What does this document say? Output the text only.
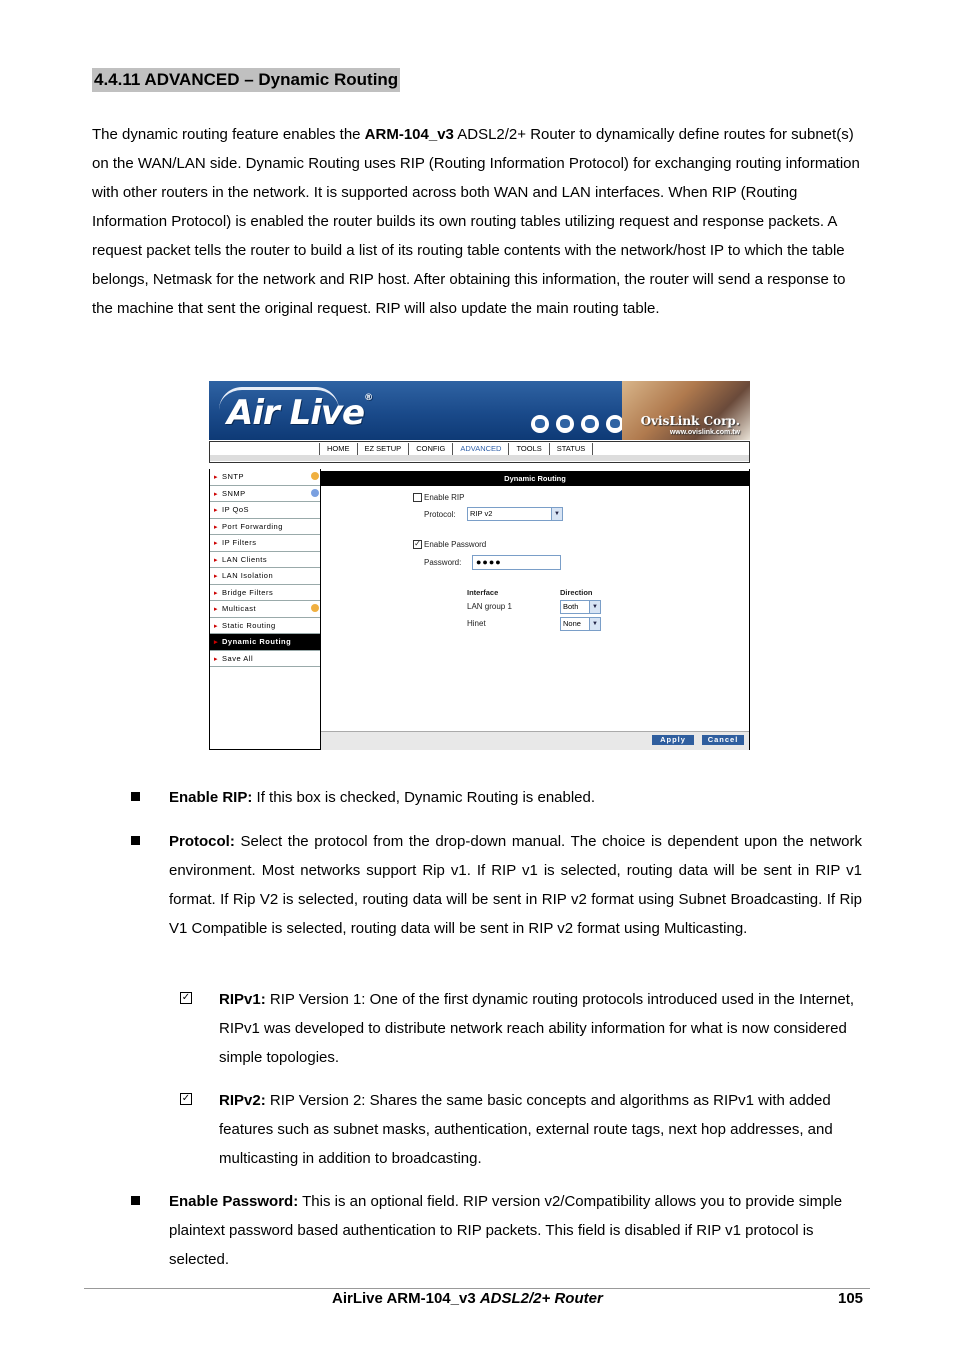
4.4.11 ADVANCED – Dynamic Routing

The dynamic routing feature enables the ARM-104_v3 ADSL2/2+ Router to dynamically define routes for subnet(s) on the WAN/LAN side. Dynamic Routing uses RIP (Routing Information Protocol) for exchanging routing information with other routers in the network. It is supported across both WAN and LAN interfaces. When RIP (Routing Information Protocol) is enabled the router builds its own routing tables utilizing request and response packets. A request packet tells the router to build a list of its routing table contents with the network/host IP to which the table belongs, Netmask for the network and RIP host. After obtaining this information, the router will send a response to the machine that sent the original request. RIP will also update the main routing table.

Air Live®
OvisLink Corp.
www.ovislink.com.tw
HOME	EZ SETUP	CONFIG	ADVANCED	TOOLS	STATUS
▸ SNTP
▸ SNMP
▸ IP QoS
▸ Port Forwarding
▸ IP Filters
▸ LAN Clients
▸ LAN Isolation
▸ Bridge Filters
▸ Multicast
▸ Static Routing
▸ Dynamic Routing
▸ Save All
Dynamic Routing
Enable RIP
Protocol:	RIP v2	▼
✓ Enable Password
Password:	●●●●
Interface	Direction
LAN group 1	Both	▼
Hinet	None	▼
Apply	Cancel
Enable RIP: If this box is checked, Dynamic Routing is enabled.
Protocol: Select the protocol from the drop-down manual. The choice is dependent upon the network environment. Most networks support Rip v1. If RIP v1 is selected, routing data will be sent in RIP v1 format. If Rip V2 is selected, routing data will be sent in RIP v2 format using Subnet Broadcasting. If Rip V1 Compatible is selected, routing data will be sent in RIP v2 format using Multicasting.
✓ RIPv1: RIP Version 1: One of the first dynamic routing protocols introduced used in the Internet, RIPv1 was developed to distribute network reach ability information for what is now considered simple topologies.
✓ RIPv2: RIP Version 2: Shares the same basic concepts and algorithms as RIPv1 with added features such as subnet masks, authentication, external route tags, next hop addresses, and multicasting in addition to broadcasting.
Enable Password: This is an optional field. RIP version v2/Compatibility allows you to provide simple plaintext password based authentication to RIP packets. This field is disabled if RIP v1 protocol is selected.
AirLive ARM-104_v3 ADSL2/2+ Router	105
